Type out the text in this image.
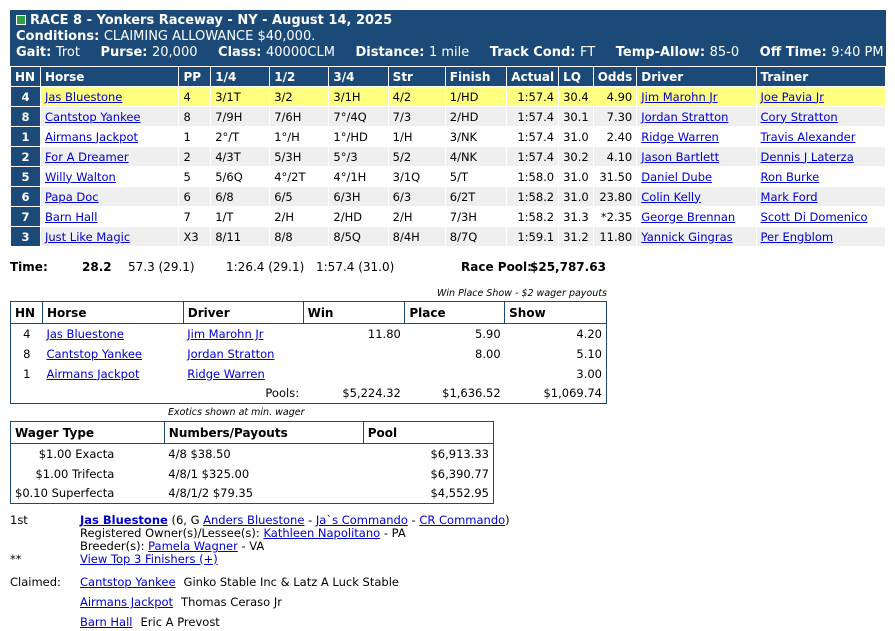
RACE 8 - Yonkers Raceway - NY - August 14, 2025
Conditions: CLAIMING ALLOWANCE $40,000.
Gait: Trot Purse: 20,000 Class: 40000CLM Distance: 1 mile Track Cond: FT Temp-Allow: 85-0 Off Time: 9:40 PM
HN	Horse	PP	1/4	1/2	3/4	Str	Finish	Actual	LQ	Odds	Driver	Trainer
4	Jas Bluestone	4	3/1T	3/2	3/1H	4/2	1/HD	1:57.4	30.4	4.90	Jim Marohn Jr	Joe Pavia Jr
8	Cantstop Yankee	8	7/9H	7/6H	7°/4Q	7/3	2/HD	1:57.4	30.1	7.30	Jordan Stratton	Cory Stratton
1	Airmans Jackpot	1	2°/T	1°/H	1°/HD	1/H	3/NK	1:57.4	31.0	2.40	Ridge Warren	Travis Alexander
2	For A Dreamer	2	4/3T	5/3H	5°/3	5/2	4/NK	1:57.4	30.2	4.10	Jason Bartlett	Dennis J Laterza
5	Willy Walton	5	5/6Q	4°/2T	4°/1H	3/1Q	5/T	1:58.0	31.0	31.50	Daniel Dube	Ron Burke
6	Papa Doc	6	6/8	6/5	6/3H	6/3	6/2T	1:58.2	31.0	23.80	Colin Kelly	Mark Ford
7	Barn Hall	7	1/T	2/H	2/HD	2/H	7/3H	1:58.2	31.3	*2.35	George Brennan	Scott Di Domenico
3	Just Like Magic	X3	8/11	8/8	8/5Q	8/4H	8/7Q	1:59.1	31.2	11.80	Yannick Gingras	Per Engblom
Time:	28.2 57.3 (29.1)	1:26.4 (29.1) 1:57.4 (31.0)	Race Pool:
$25,787.63
Win Place Show - $2 wager payouts
HN	Horse	Driver	Win	Place	Show
4	Jas Bluestone	Jim Marohn Jr	11.80	5.90	4.20
8	Cantstop Yankee	Jordan Stratton		8.00	5.10
1	Airmans Jackpot	Ridge Warren			3.00
		Pools:	$5,224.32	$1,636.52	$1,069.74
Exotics shown at min. wager
Wager Type	Numbers/Payouts	Pool
$1.00 Exacta	4/8 $38.50	$6,913.33
$1.00 Trifecta	4/8/1 $325.00	$6,390.77
$0.10 Superfecta	4/8/1/2 $79.35	$4,552.95
1st	Jas Bluestone (6, G Anders Bluestone - Ja`s Commando - CR Commando)
Registered Owner(s)/Lessee(s): Kathleen Napolitano - PA
Breeder(s): Pamela Wagner - VA
**	View Top 3 Finishers (+)
Claimed: Cantstop Yankee Ginko Stable Inc & Latz A Luck Stable
Airmans Jackpot Thomas Ceraso Jr
Barn Hall Eric A Prevost
